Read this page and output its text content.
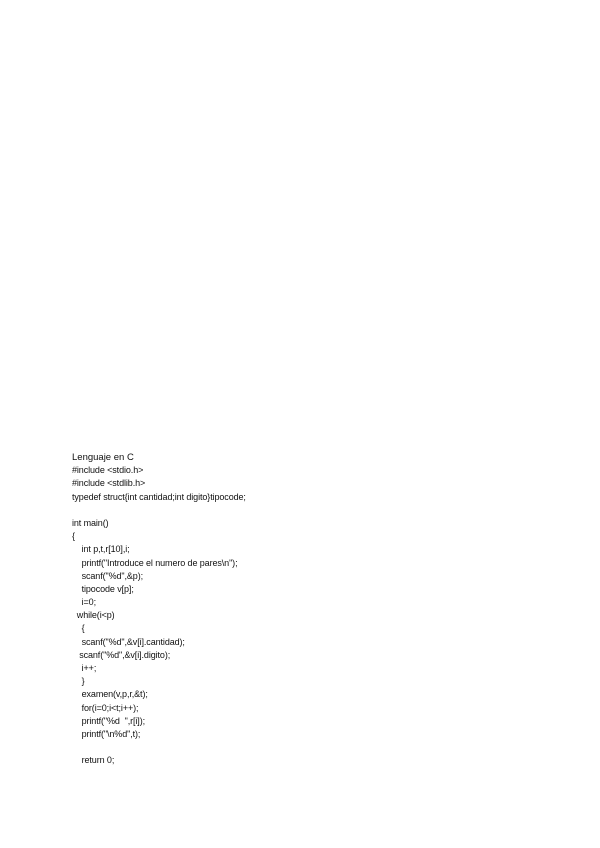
Lenguaje en C
#include <stdio.h>
#include <stdlib.h>
typedef struct{int cantidad;int digito}tipocode;
int main()
{
int p,t,r[10],i;
printf("Introduce el numero de pares\n");
scanf("%d",&p);
tipocode v[p];
i=0;
while(i<p)
{
scanf("%d",&v[i].cantidad);
scanf("%d",&v[i].digito);
i++;
}
examen(v,p,r,&t);
for(i=0;i<t;i++);
printf("%d  ",r[i]);
printf("\n%d",t);
return 0;
